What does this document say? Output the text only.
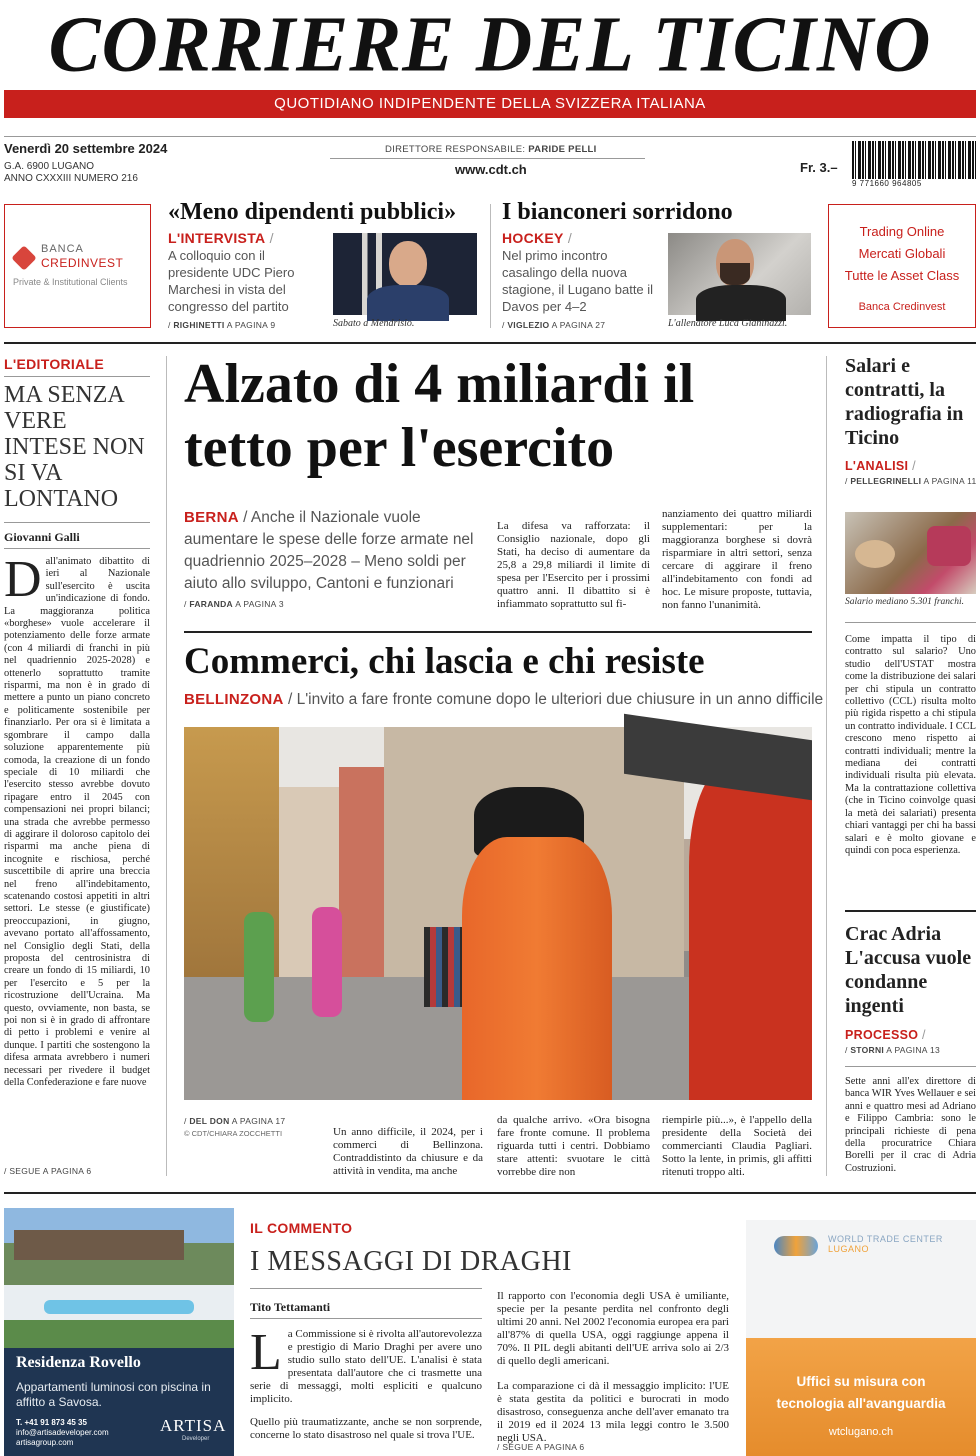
CORRIERE DEL TICINO
QUOTIDIANO INDIPENDENTE DELLA SVIZZERA ITALIANA
Venerdì 20 settembre 2024
G.A. 6900 LUGANO
ANNO CXXXIII NUMERO 216
DIRETTORE RESPONSABILE: PARIDE PELLI
www.cdt.ch	Fr. 3.–
9 771660 964805
BANCA
CREDINVEST
Private & Institutional Clients
«Meno dipendenti pubblici»
L'INTERVISTA /
A colloquio con il presidente UDC Piero Marchesi in vista del congresso del partito
/ RIGHINETTI A PAGINA 9	Sabato a Mendrisio.
I bianconeri sorridono
HOCKEY /
Nel primo incontro casalingo della nuova stagione, il Lugano batte il Davos per 4–2
/ VIGLEZIO A PAGINA 27	L'allenatore Luca Gianinazzi.
Trading Online
Mercati Globali
Tutte le Asset Class
Banca Credinvest
L'EDITORIALE
MA SENZA VERE INTESE NON SI VA LONTANO
Giovanni Galli
Dall'animato dibattito di ieri al Nazionale sull'esercito è uscita un'indicazione di fondo. La maggioranza politica «borghese» vuole accelerare il potenziamento delle forze armate (con 4 miliardi di franchi in più nel quadriennio 2025-2028) e ottenerlo soprattutto tramite risparmi, ma non è in grado di mettere a punto un piano concreto e politicamente sostenibile per finanziarlo. Per ora si è limitata a sgombrare il campo dalla soluzione apparentemente più comoda, la creazione di un fondo speciale di 10 miliardi che l'esercito stesso avrebbe dovuto ripagare entro il 2045 con compensazioni nei propri bilanci; una strada che avrebbe permesso di aggirare il doloroso capitolo dei risparmi ma anche piena di incognite e rischiosa, perché suscettibile di aprire una breccia nel freno all'indebitamento, scatenando costosi appetiti in altri settori. Le stesse (e giustificate) preoccupazioni, in giugno, avevano portato all'affossamento, nel Consiglio degli Stati, della proposta del centrosinistra di creare un fondo di 15 miliardi, 10 per l'esercito e 5 per la ricostruzione dell'Ucraina. Ma questo, ovviamente, non basta, se poi non si è in grado di affrontare di petto i problemi e venire al dunque. I partiti che sostengono la difesa armata avrebbero i numeri necessari per rivedere il budget della Confederazione e fare nuove
/ SEGUE A PAGINA 6
Alzato di 4 miliardi il tetto per l'esercito
BERNA / Anche il Nazionale vuole aumentare le spese delle forze armate nel quadriennio 2025–2028 – Meno soldi per aiuto allo sviluppo, Cantoni e funzionari
/ FARANDA A PAGINA 3
La difesa va rafforzata: il Consiglio nazionale, dopo gli Stati, ha deciso di aumentare da 25,8 a 29,8 miliardi il limite di spesa per l'Esercito per i prossimi quattro anni. Il dibattito si è infiammato soprattutto sul fi-
nanziamento dei quattro miliardi supplementari: per la maggioranza borghese si dovrà risparmiare in altri settori, senza cercare di aggirare il freno all'indebitamento con fondi ad hoc. Le misure proposte, tuttavia, non fanno l'unanimità.
Commerci, chi lascia e chi resiste
BELLINZONA / L'invito a fare fronte comune dopo le ulteriori due chiusure in un anno difficile
/ DEL DON A PAGINA 17
© CDT/CHIARA ZOCCHETTI	Un anno difficile, il 2024, per i commerci di Bellinzona. Contraddistinto da chiusure e da attività in vendita, ma anche
da qualche arrivo. «Ora bisogna fare fronte comune. Il problema riguarda tutti i centri. Dobbiamo stare attenti: svuotare le città vorrebbe dire non
riempirle più...», è l'appello della presidente della Società dei commercianti Claudia Pagliari. Sotto la lente, in primis, gli affitti ritenuti troppo alti.
Salari e contratti, la radiografia in Ticino
L'ANALISI /
/ PELLEGRINELLI A PAGINA 11
Salario mediano 5.301 franchi.
Come impatta il tipo di contratto sul salario? Uno studio dell'USTAT mostra come la distribuzione dei salari per chi stipula un contratto collettivo (CCL) risulta molto più rigida rispetto a chi stipula un contratto individuale. I CCL crescono meno rispetto ai contratti individuali; mentre la mediana dei contratti individuali risulta più elevata. Ma la contrattazione collettiva (che in Ticino coinvolge quasi la metà dei salariati) presenta chiari vantaggi per chi ha bassi salari e è molto giovane e quindi con poca esperienza.
Crac Adria L'accusa vuole condanne ingenti
PROCESSO /
/ STORNI A PAGINA 13
Sette anni all'ex direttore di banca WIR Yves Wellauer e sei anni e quattro mesi ad Adriano e Filippo Cambria: sono le principali richieste di pena della procuratrice Chiara Borelli per il crac di Adria Costruzioni.
Residenza Rovello
Appartamenti luminosi con piscina in affitto a Savosa.
T. +41 91 873 45 35
info@artisadeveloper.com
artisagroup.com
ARTISA
Developer
IL COMMENTO
I MESSAGGI DI DRAGHI
Tito Tettamanti
La Commissione si è rivolta all'autorevolezza e prestigio di Mario Draghi per avere uno studio sullo stato dell'UE. L'analisi è stata presentata dall'autore che ci trasmette una serie di messaggi, molti espliciti e qualcuno implicito.
Quello più traumatizzante, anche se non sorprende, concerne lo stato disastroso nel quale si trova l'UE.
Il rapporto con l'economia degli USA è umiliante, specie per la pesante perdita nel confronto degli ultimi 20 anni. Nel 2002 l'economia europea era pari all'87% di quella USA, oggi raggiunge appena il 70%. Il PIL degli abitanti dell'UE arriva solo ai 2/3 di quello degli americani.
La comparazione ci dà il messaggio implicito: l'UE è stata gestita da politici e burocrati in modo disastroso, conseguenza anche dell'aver emanato tra il 2019 ed il 2024 13 mila leggi contro le 3.500 negli USA.
/ SEGUE A PAGINA 6
WORLD TRADE CENTER
LUGANO
Uffici su misura con
tecnologia all'avanguardia
wtclugano.ch
